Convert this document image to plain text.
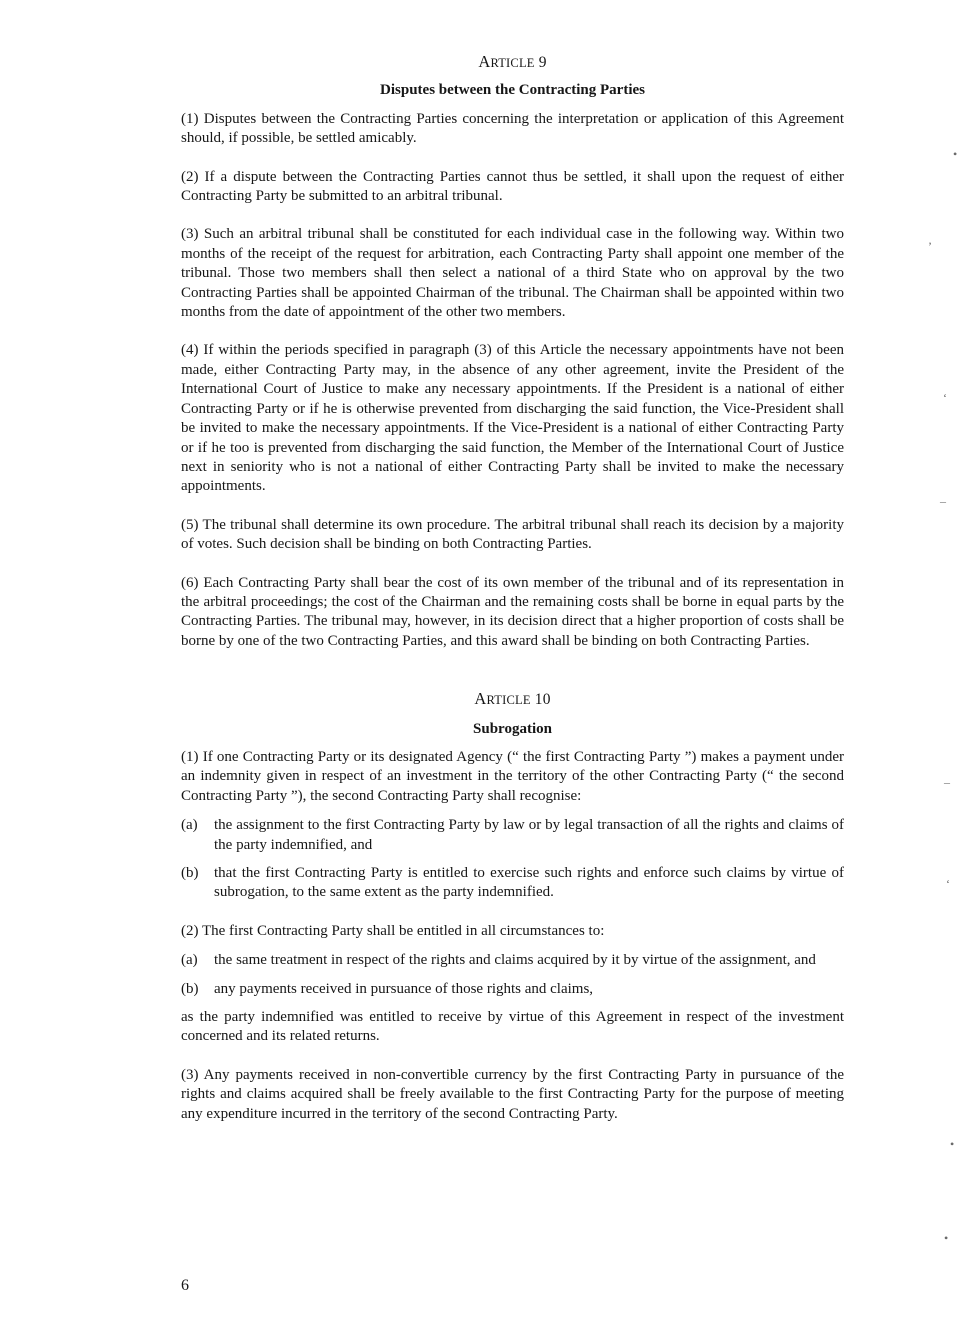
ARTICLE 9
Disputes between the Contracting Parties

(1) Disputes between the Contracting Parties concerning the interpretation or application of this Agreement should, if possible, be settled amicably.

(2) If a dispute between the Contracting Parties cannot thus be settled, it shall upon the request of either Contracting Party be submitted to an arbitral tribunal.

(3) Such an arbitral tribunal shall be constituted for each individual case in the following way. Within two months of the receipt of the request for arbitration, each Contracting Party shall appoint one member of the tribunal. Those two members shall then select a national of a third State who on approval by the two Contracting Parties shall be appointed Chairman of the tribunal. The Chairman shall be appointed within two months from the date of appointment of the other two members.

(4) If within the periods specified in paragraph (3) of this Article the necessary appointments have not been made, either Contracting Party may, in the absence of any other agreement, invite the President of the International Court of Justice to make any necessary appointments. If the President is a national of either Contracting Party or if he is otherwise prevented from discharging the said function, the Vice-President shall be invited to make the necessary appointments. If the Vice-President is a national of either Contracting Party or if he too is prevented from discharging the said function, the Member of the International Court of Justice next in seniority who is not a national of either Contracting Party shall be invited to make the necessary appointments.

(5) The tribunal shall determine its own procedure. The arbitral tribunal shall reach its decision by a majority of votes. Such decision shall be binding on both Contracting Parties.

(6) Each Contracting Party shall bear the cost of its own member of the tribunal and of its representation in the arbitral proceedings; the cost of the Chairman and the remaining costs shall be borne in equal parts by the Contracting Parties. The tribunal may, however, in its decision direct that a higher proportion of costs shall be borne by one of the two Contracting Parties, and this award shall be binding on both Contracting Parties.

ARTICLE 10
Subrogation

(1) If one Contracting Party or its designated Agency (“ the first Contracting Party ”) makes a payment under an indemnity given in respect of an investment in the territory of the other Contracting Party (“ the second Contracting Party ”), the second Contracting Party shall recognise:

(a)	the assignment to the first Contracting Party by law or by legal transaction of all the rights and claims of the party indemnified, and
(b)	that the first Contracting Party is entitled to exercise such rights and enforce such claims by virtue of subrogation, to the same extent as the party indemnified.

(2) The first Contracting Party shall be entitled in all circumstances to:

(a)	the same treatment in respect of the rights and claims acquired by it by virtue of the assignment, and
(b)	any payments received in pursuance of those rights and claims,

as the party indemnified was entitled to receive by virtue of this Agreement in respect of the investment concerned and its related returns.

(3) Any payments received in non-convertible currency by the first Contracting Party in pursuance of the rights and claims acquired shall be freely available to the first Contracting Party for the purpose of meeting any expenditure incurred in the territory of the second Contracting Party.

6
•
’
‘
–
–
‘
•
•
